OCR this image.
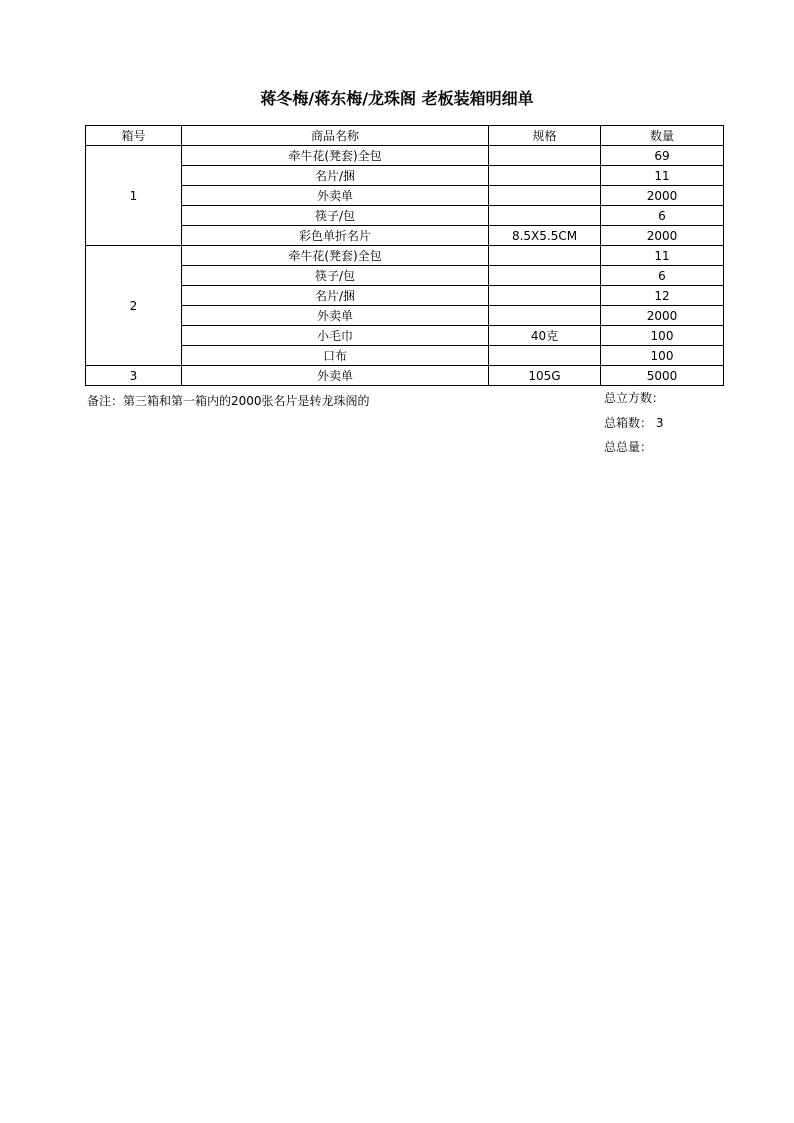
蒋冬梅/蒋东梅/龙珠阁 老板装箱明细单
箱号	商品名称	规格	数量
1	牵牛花(凳套)全包		69
	名片/捆		11
	外卖单		2000
	筷子/包		6
	彩色单折名片	8.5X5.5CM	2000
2	牵牛花(凳套)全包		11
	筷子/包		6
	名片/捆		12
	外卖单		2000
	小毛巾	40克	100
	口布		100
3	外卖单	105G	5000
备注：第三箱和第一箱内的2000张名片是转龙珠阁的	总立方数：
总箱数： 3
总总量：
